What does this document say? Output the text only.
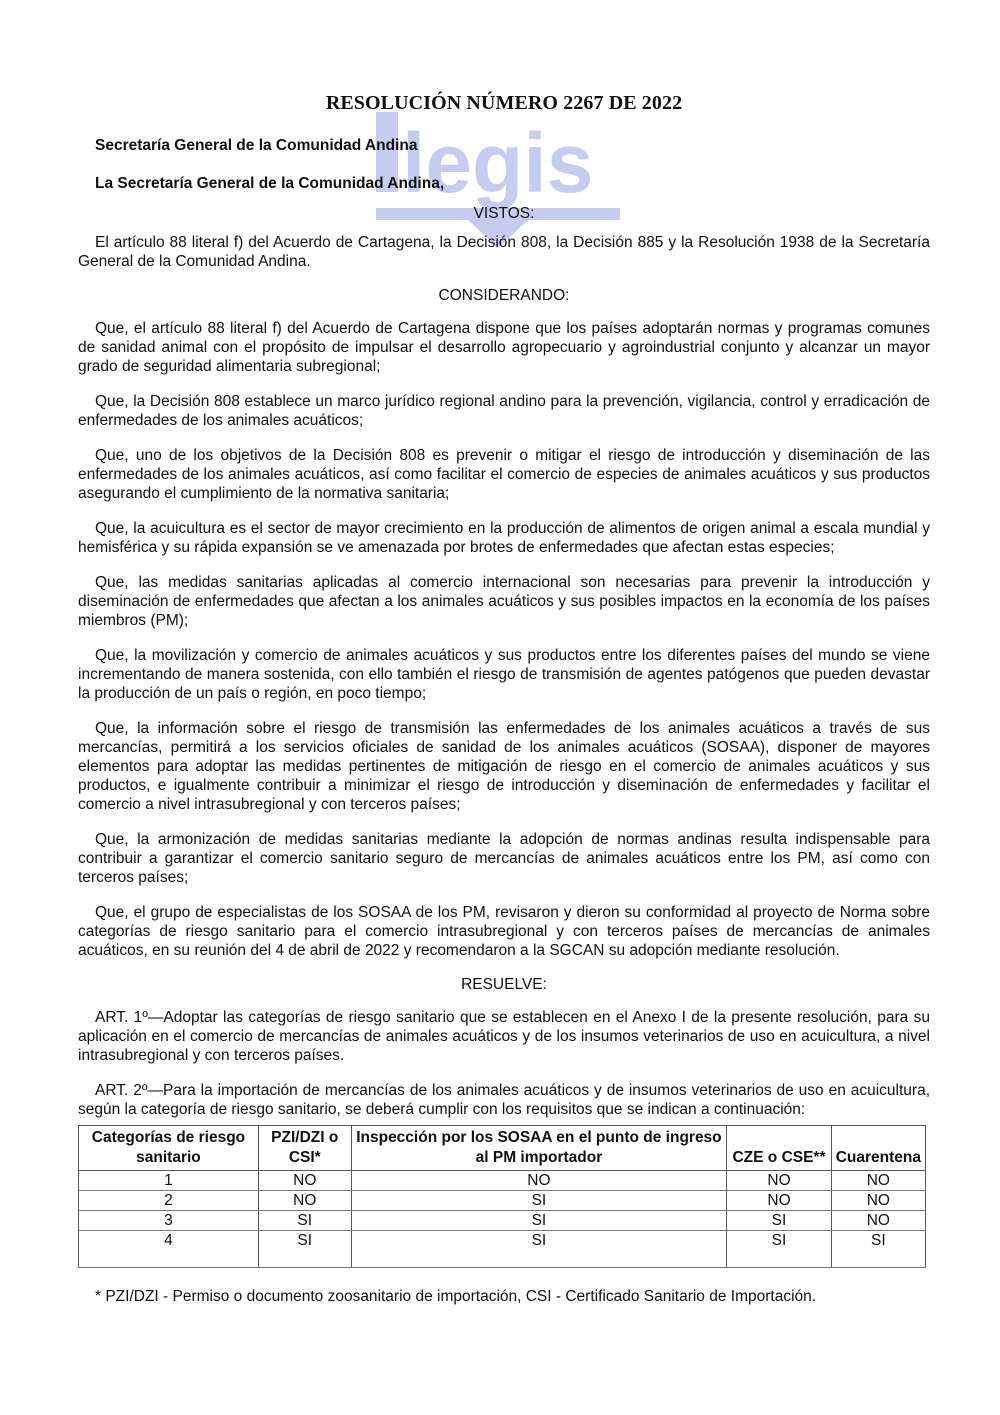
legis
RESOLUCIÓN NÚMERO 2267 DE 2022
Secretaría General de la Comunidad Andina
La Secretaría General de la Comunidad Andina,
VISTOS:

El artículo 88 literal f) del Acuerdo de Cartagena, la Decisión 808, la Decisión 885 y la Resolución 1938 de la Secretaría General de la Comunidad Andina.

CONSIDERANDO:

Que, el artículo 88 literal f) del Acuerdo de Cartagena dispone que los países adoptarán normas y programas comunes de sanidad animal con el propósito de impulsar el desarrollo agropecuario y agroindustrial conjunto y alcanzar un mayor grado de seguridad alimentaria subregional;

Que, la Decisión 808 establece un marco jurídico regional andino para la prevención, vigilancia, control y erradicación de enfermedades de los animales acuáticos;

Que, uno de los objetivos de la Decisión 808 es prevenir o mitigar el riesgo de introducción y diseminación de las enfermedades de los animales acuáticos, así como facilitar el comercio de especies de animales acuáticos y sus productos asegurando el cumplimiento de la normativa sanitaria;

Que, la acuicultura es el sector de mayor crecimiento en la producción de alimentos de origen animal a escala mundial y hemisférica y su rápida expansión se ve amenazada por brotes de enfermedades que afectan estas especies;

Que, las medidas sanitarias aplicadas al comercio internacional son necesarias para prevenir la introducción y diseminación de enfermedades que afectan a los animales acuáticos y sus posibles impactos en la economía de los países miembros (PM);

Que, la movilización y comercio de animales acuáticos y sus productos entre los diferentes países del mundo se viene incrementando de manera sostenida, con ello también el riesgo de transmisión de agentes patógenos que pueden devastar la producción de un país o región, en poco tiempo;

Que, la información sobre el riesgo de transmisión las enfermedades de los animales acuáticos a través de sus mercancías, permitirá a los servicios oficiales de sanidad de los animales acuáticos (SOSAA), disponer de mayores elementos para adoptar las medidas pertinentes de mitigación de riesgo en el comercio de animales acuáticos y sus productos, e igualmente contribuir a minimizar el riesgo de introducción y diseminación de enfermedades y facilitar el comercio a nivel intrasubregional y con terceros países;

Que, la armonización de medidas sanitarias mediante la adopción de normas andinas resulta indispensable para contribuir a garantizar el comercio sanitario seguro de mercancías de animales acuáticos entre los PM, así como con terceros países;

Que, el grupo de especialistas de los SOSAA de los PM, revisaron y dieron su conformidad al proyecto de Norma sobre categorías de riesgo sanitario para el comercio intrasubregional y con terceros países de mercancías de animales acuáticos, en su reunión del 4 de abril de 2022 y recomendaron a la SGCAN su adopción mediante resolución.

RESUELVE:

ART. 1º—Adoptar las categorías de riesgo sanitario que se establecen en el Anexo I de la presente resolución, para su aplicación en el comercio de mercancías de animales acuáticos y de los insumos veterinarios de uso en acuicultura, a nivel intrasubregional y con terceros países.

ART. 2º—Para la importación de mercancías de los animales acuáticos y de insumos veterinarios de uso en acuicultura, según la categoría de riesgo sanitario, se deberá cumplir con los requisitos que se indican a continuación:

Categorías de riesgo sanitario	PZI/DZI o CSI*	Inspección por los SOSAA en el punto de ingreso al PM importador	CZE o CSE**	Cuarentena
1	NO	NO	NO	NO
2	NO	SI	NO	NO
3	SI	SI	SI	NO
4	SI	SI	SI	SI
* PZI/DZI - Permiso o documento zoosanitario de importación, CSI - Certificado Sanitario de Importación.
